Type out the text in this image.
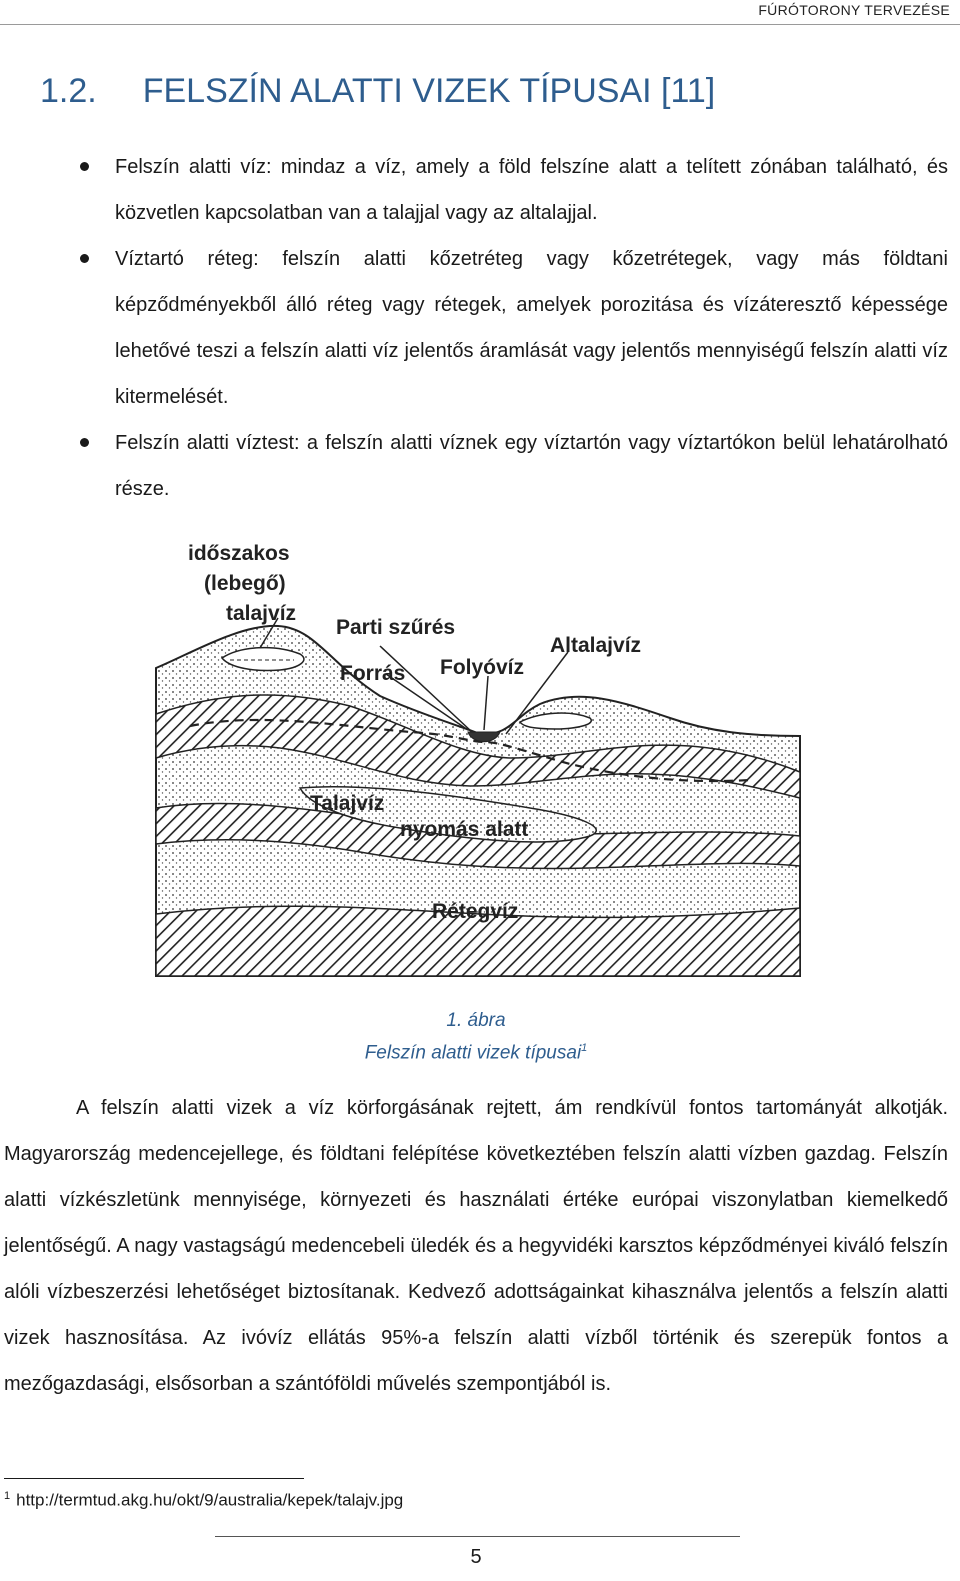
FÚRÓTORONY TERVEZÉSE
1.2. FELSZÍN ALATTI VIZEK TÍPUSAI [11]
Felszín alatti víz: mindaz a víz, amely a föld felszíne alatt a telített zónában található, és közvetlen kapcsolatban van a talajjal vagy az altalajjal.
Víztartó réteg: felszín alatti kőzetréteg vagy kőzetrétegek, vagy más földtani képződményekből álló réteg vagy rétegek, amelyek porozitása és vízáteresztő képessége lehetővé teszi a felszín alatti víz jelentős áramlását vagy jelentős mennyiségű felszín alatti víz kitermelését.
Felszín alatti víztest: a felszín alatti víznek egy víztartón vagy víztartókon belül lehatárolható része.
időszakos
(lebegő)
talajvíz
Parti szűrés
Forrás Folyóvíz
Altalajvíz
Talajvíz
nyomás alatt
Rétegvíz
1. ábra
Felszín alatti vizek típusai$^1$

A felszín alatti vizek a víz körforgásának rejtett, ám rendkívül fontos tartományát alkotják. Magyarország medencejellege, és földtani felépítése következtében felszín alatti vízben gazdag. Felszín alatti vízkészletünk mennyisége, környezeti és használati értéke európai viszonylatban kiemelkedő jelentőségű. A nagy vastagságú medencebeli üledék és a hegyvidéki karsztos képződményei kiváló felszín alóli vízbeszerzési lehetőséget biztosítanak. Kedvező adottságainkat kihasználva jelentős a felszín alatti vizek hasznosítása. Az ivóvíz ellátás 95%-a felszín alatti vízből történik és szerepük fontos a mezőgazdasági, elsősorban a szántóföldi művelés szempontjából is.

$^1$ http://termtud.akg.hu/okt/9/australia/kepek/talajv.jpg
5
